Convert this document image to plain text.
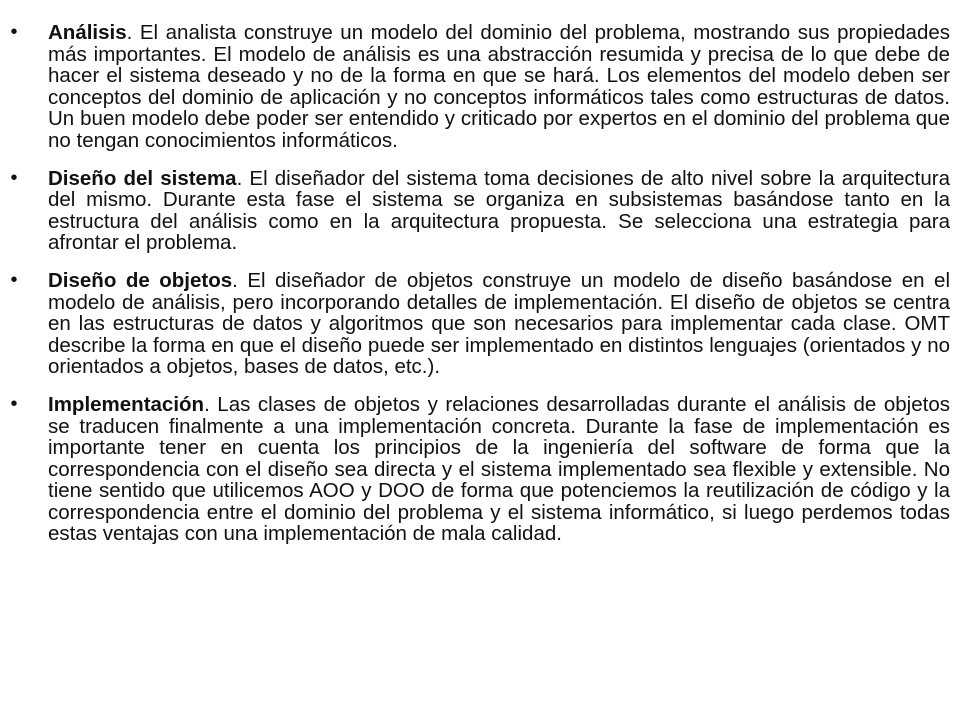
•	Análisis. El analista construye un modelo del dominio del problema, mostrando sus propiedades más importantes. El modelo de análisis es una abstracción resumida y precisa de lo que debe de hacer el sistema deseado y no de la forma en que se hará. Los elementos del modelo deben ser conceptos del dominio de aplicación y no conceptos informáticos tales como estructuras de datos. Un buen modelo debe poder ser entendido y criticado por expertos en el dominio del problema que no tengan conocimientos informáticos.
•	Diseño del sistema. El diseñador del sistema toma decisiones de alto nivel sobre la arquitectura del mismo. Durante esta fase el sistema se organiza en subsistemas basándose tanto en la estructura del análisis como en la arquitectura propuesta. Se selecciona una estrategia para afrontar el problema.
•	Diseño de objetos. El diseñador de objetos construye un modelo de diseño basándose en el modelo de análisis, pero incorporando detalles de implementación. El diseño de objetos se centra en las estructuras de datos y algoritmos que son necesarios para implementar cada clase. OMT describe la forma en que el diseño puede ser implementado en distintos lenguajes (orientados y no orientados a objetos, bases de datos, etc.).
•	Implementación. Las clases de objetos y relaciones desarrolladas durante el análisis de objetos se traducen finalmente a una implementación concreta. Durante la fase de implementación es importante tener en cuenta los principios de la ingeniería del software de forma que la correspondencia con el diseño sea directa y el sistema implementado sea flexible y extensible. No tiene sentido que utilicemos AOO y DOO de forma que potenciemos la reutilización de código y la correspondencia entre el dominio del problema y el sistema informático, si luego perdemos todas estas ventajas con una implementación de mala calidad.
